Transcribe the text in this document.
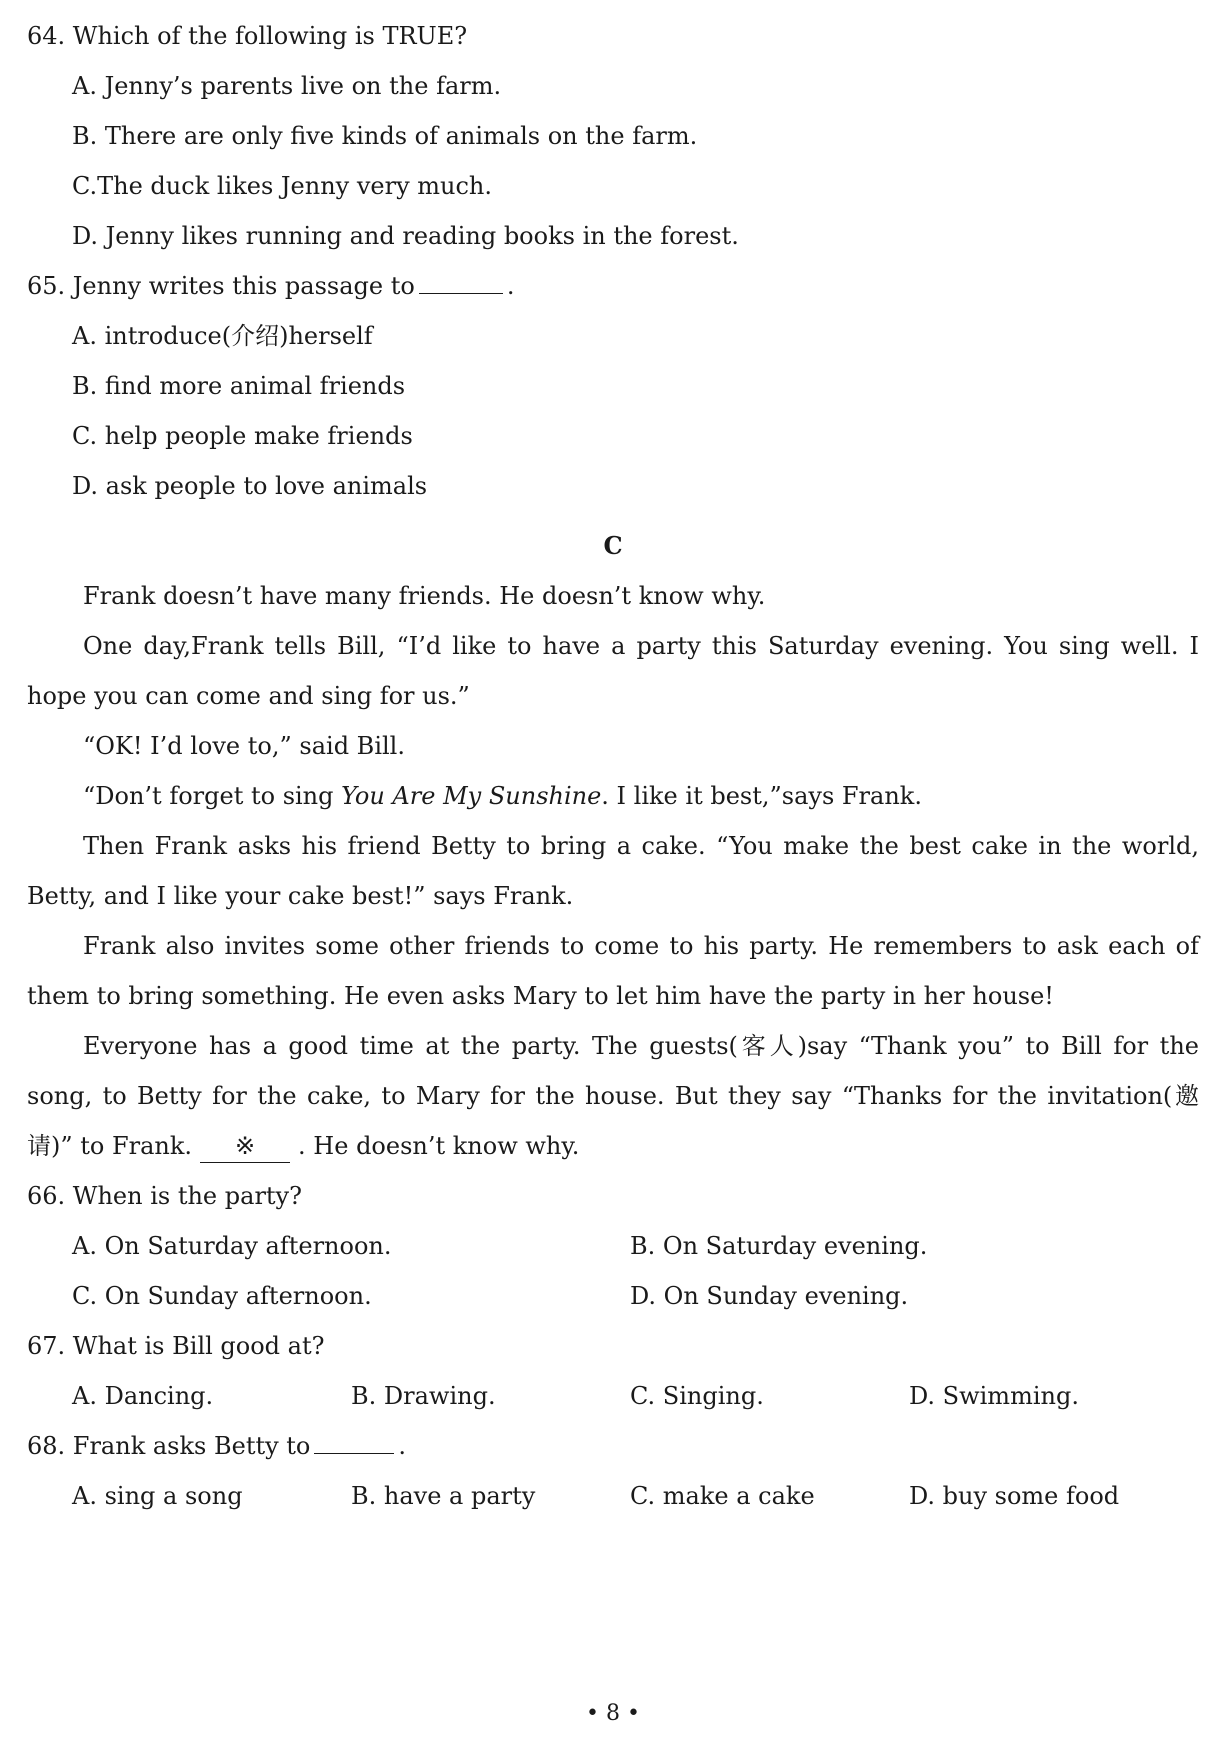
64. Which of the following is TRUE?
A. Jenny’s parents live on the farm.
B. There are only five kinds of animals on the farm.
C.The duck likes Jenny very much.
D. Jenny likes running and reading books in the forest.
65. Jenny writes this passage to	.
A. introduce(介绍)herself
B. find more animal friends
C. help people make friends
D. ask people to love animals
C
Frank doesn’t have many friends. He doesn’t know why.
One day,Frank tells Bill, “I’d like to have a party this Saturday evening. You sing well. I
hope you can come and sing for us.”
“OK! I’d love to,” said Bill.
“Don’t forget to sing You Are My Sunshine. I like it best,”says Frank.
Then Frank asks his friend Betty to bring a cake. “You make the best cake in the world,
Betty, and I like your cake best!” says Frank.
Frank also invites some other friends to come to his party. He remembers to ask each of
them to bring something. He even asks Mary to let him have the party in her house!
Everyone has a good time at the party. The guests(客人)say “Thank you” to Bill for the
song, to Betty for the cake, to Mary for the house. But they say “Thanks for the invitation(邀
请)” to Frank. ※ . He doesn’t know why.
66. When is the party?
A. On Saturday afternoon.	B. On Saturday evening.
C. On Sunday afternoon.	D. On Sunday evening.
67. What is Bill good at?
A. Dancing.	B. Drawing.	C. Singing.	D. Swimming.
68. Frank asks Betty to	.
A. sing a song	B. have a party	C. make a cake	D. buy some food
• 8 •
